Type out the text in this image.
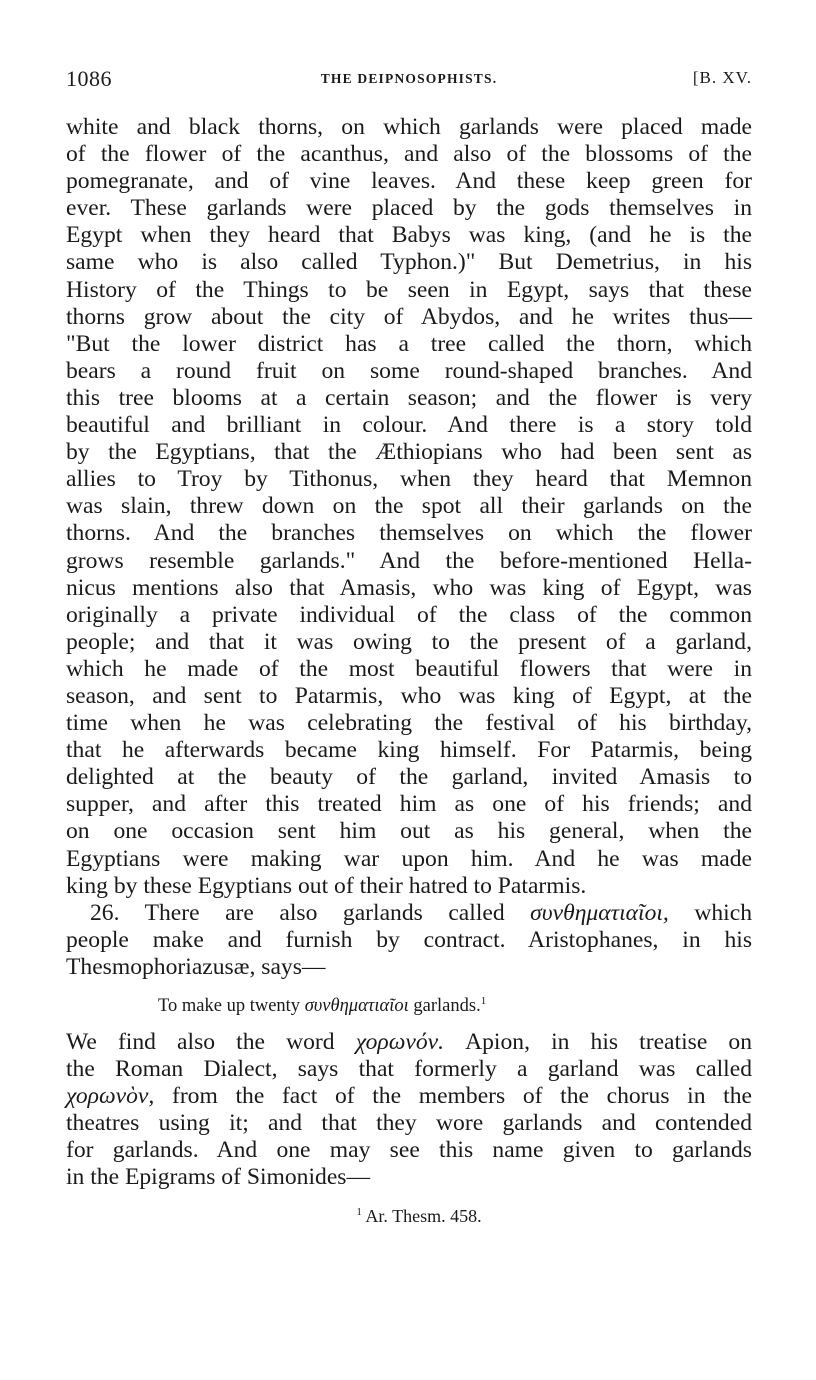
1086	THE DEIPNOSOPHISTS.	[B. XV.
white and black thorns, on which garlands were placed made
of the flower of the acanthus, and also of the blossoms of the
pomegranate, and of vine leaves. And these keep green for
ever. These garlands were placed by the gods themselves in
Egypt when they heard that Babys was king, (and he is the
same who is also called Typhon.)" But Demetrius, in his
History of the Things to be seen in Egypt, says that these
thorns grow about the city of Abydos, and he writes thus—
"But the lower district has a tree called the thorn, which
bears a round fruit on some round-shaped branches. And
this tree blooms at a certain season; and the flower is very
beautiful and brilliant in colour. And there is a story told
by the Egyptians, that the Æthiopians who had been sent as
allies to Troy by Tithonus, when they heard that Memnon
was slain, threw down on the spot all their garlands on the
thorns. And the branches themselves on which the flower
grows resemble garlands." And the before-mentioned Hella-
nicus mentions also that Amasis, who was king of Egypt, was
originally a private individual of the class of the common
people; and that it was owing to the present of a garland,
which he made of the most beautiful flowers that were in
season, and sent to Patarmis, who was king of Egypt, at the
time when he was celebrating the festival of his birthday,
that he afterwards became king himself. For Patarmis, being
delighted at the beauty of the garland, invited Amasis to
supper, and after this treated him as one of his friends; and
on one occasion sent him out as his general, when the
Egyptians were making war upon him. And he was made
king by these Egyptians out of their hatred to Patarmis.
26. There are also garlands called συνθηματιαῖοι, which
people make and furnish by contract. Aristophanes, in his
Thesmophoriazusæ, says—
To make up twenty συνθηματιαῖοι garlands.$^1$
We find also the word χορωνόν. Apion, in his treatise on
the Roman Dialect, says that formerly a garland was called
χορωνὸν, from the fact of the members of the chorus in the
theatres using it; and that they wore garlands and contended
for garlands. And one may see this name given to garlands
in the Epigrams of Simonides—
$^1$ Ar. Thesm. 458.
